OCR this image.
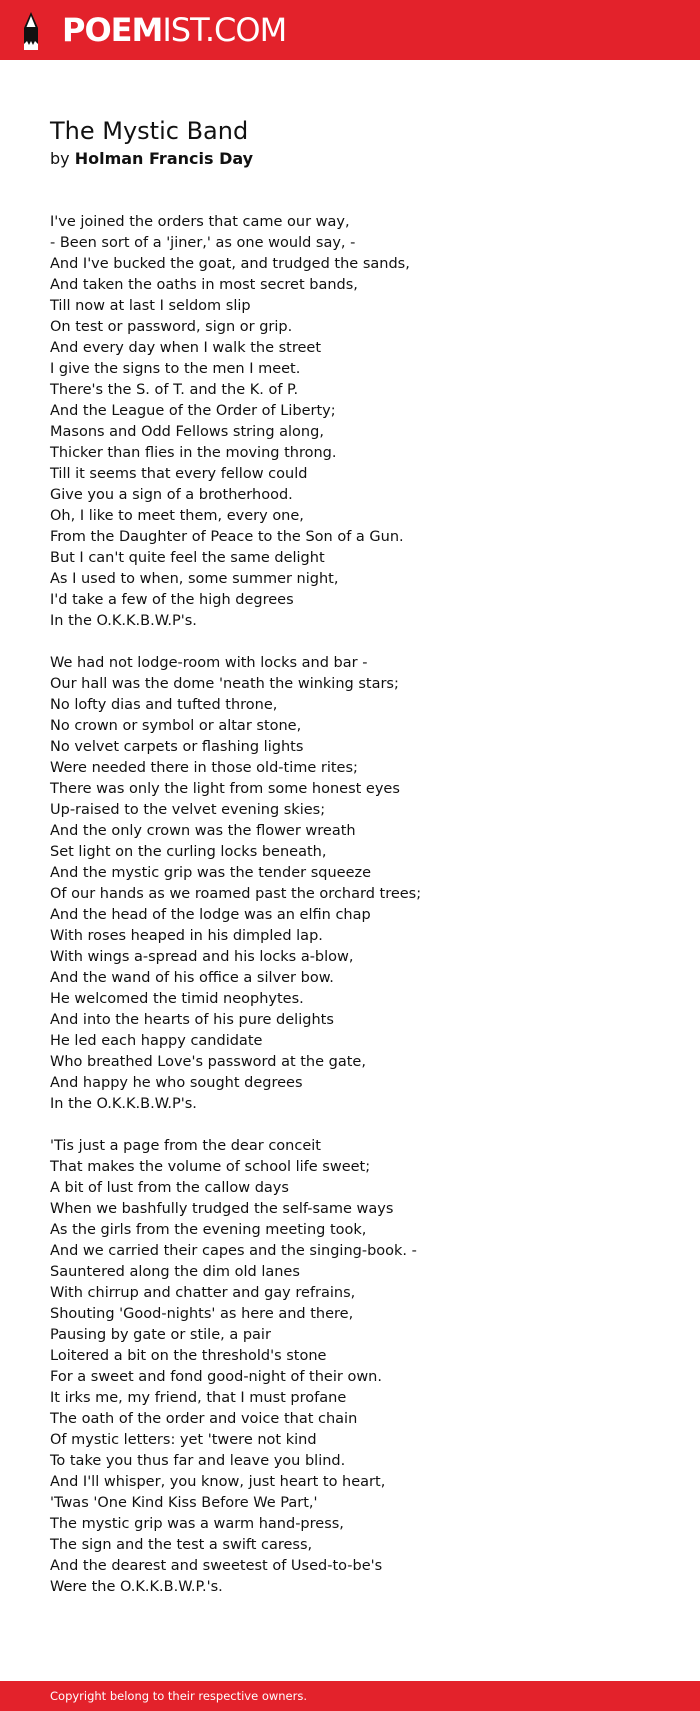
POEMIST.COM
The Mystic Band
by Holman Francis Day
I've joined the orders that came our way,
- Been sort of a 'jiner,' as one would say, -
And I've bucked the goat, and trudged the sands,
And taken the oaths in most secret bands,
Till now at last I seldom slip
On test or password, sign or grip.
And every day when I walk the street
I give the signs to the men I meet.
There's the S. of T. and the K. of P.
And the League of the Order of Liberty;
Masons and Odd Fellows string along,
Thicker than flies in the moving throng.
Till it seems that every fellow could
Give you a sign of a brotherhood.
Oh, I like to meet them, every one,
From the Daughter of Peace to the Son of a Gun.
But I can't quite feel the same delight
As I used to when, some summer night,
I'd take a few of the high degrees
In the O.K.K.B.W.P's.
We had not lodge-room with locks and bar -
Our hall was the dome 'neath the winking stars;
No lofty dias and tufted throne,
No crown or symbol or altar stone,
No velvet carpets or flashing lights
Were needed there in those old-time rites;
There was only the light from some honest eyes
Up-raised to the velvet evening skies;
And the only crown was the flower wreath
Set light on the curling locks beneath,
And the mystic grip was the tender squeeze
Of our hands as we roamed past the orchard trees;
And the head of the lodge was an elfin chap
With roses heaped in his dimpled lap.
With wings a-spread and his locks a-blow,
And the wand of his office a silver bow.
He welcomed the timid neophytes.
And into the hearts of his pure delights
He led each happy candidate
Who breathed Love's password at the gate,
And happy he who sought degrees
In the O.K.K.B.W.P's.
'Tis just a page from the dear conceit
That makes the volume of school life sweet;
A bit of lust from the callow days
When we bashfully trudged the self-same ways
As the girls from the evening meeting took,
And we carried their capes and the singing-book. -
Sauntered along the dim old lanes
With chirrup and chatter and gay refrains,
Shouting 'Good-nights' as here and there,
Pausing by gate or stile, a pair
Loitered a bit on the threshold's stone
For a sweet and fond good-night of their own.
It irks me, my friend, that I must profane
The oath of the order and voice that chain
Of mystic letters: yet 'twere not kind
To take you thus far and leave you blind.
And I'll whisper, you know, just heart to heart,
'Twas 'One Kind Kiss Before We Part,'
The mystic grip was a warm hand-press,
The sign and the test a swift caress,
And the dearest and sweetest of Used-to-be's
Were the O.K.K.B.W.P.'s.
Copyright belong to their respective owners.
